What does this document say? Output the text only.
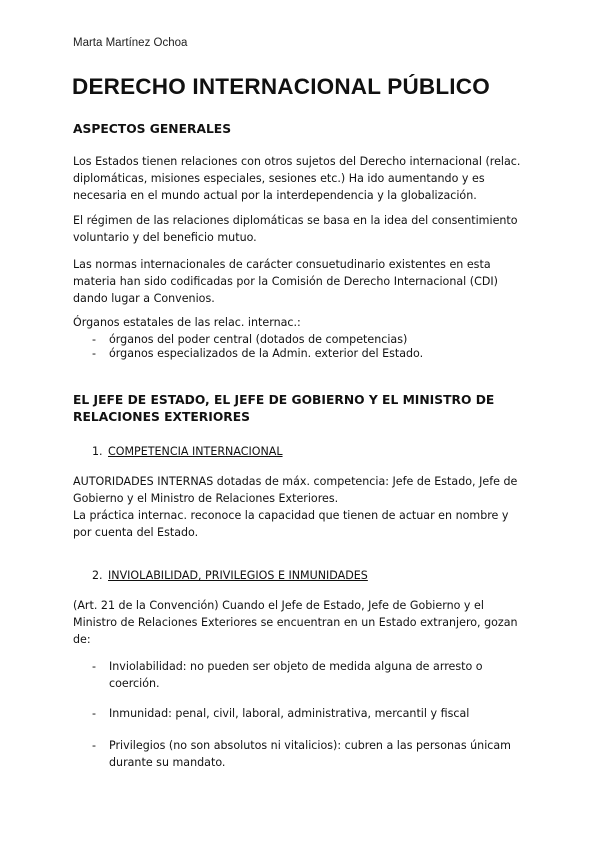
Marta Martínez Ochoa
DERECHO INTERNACIONAL PÚBLICO
ASPECTOS GENERALES
Los Estados tienen relaciones con otros sujetos del Derecho internacional (relac.
diplomáticas, misiones especiales, sesiones etc.) Ha ido aumentando y es
necesaria en el mundo actual por la interdependencia y la globalización.
El régimen de las relaciones diplomáticas se basa en la idea del consentimiento
voluntario y del beneficio mutuo.
Las normas internacionales de carácter consuetudinario existentes en esta
materia han sido codificadas por la Comisión de Derecho Internacional (CDI)
dando lugar a Convenios.
Órganos estatales de las relac. internac.:
-	órganos del poder central (dotados de competencias)
-	órganos especializados de la Admin. exterior del Estado.
EL JEFE DE ESTADO, EL JEFE DE GOBIERNO Y EL MINISTRO DE
RELACIONES EXTERIORES
1. COMPETENCIA INTERNACIONAL
AUTORIDADES INTERNAS dotadas de máx. competencia: Jefe de Estado, Jefe de
Gobierno y el Ministro de Relaciones Exteriores.
La práctica internac. reconoce la capacidad que tienen de actuar en nombre y
por cuenta del Estado.
2. INVIOLABILIDAD, PRIVILEGIOS E INMUNIDADES
(Art. 21 de la Convención) Cuando el Jefe de Estado, Jefe de Gobierno y el
Ministro de Relaciones Exteriores se encuentran en un Estado extranjero, gozan
de:
-	Inviolabilidad: no pueden ser objeto de medida alguna de arresto o
coerción.
-	Inmunidad: penal, civil, laboral, administrativa, mercantil y fiscal
-	Privilegios (no son absolutos ni vitalicios): cubren a las personas únicam
durante su mandato.
